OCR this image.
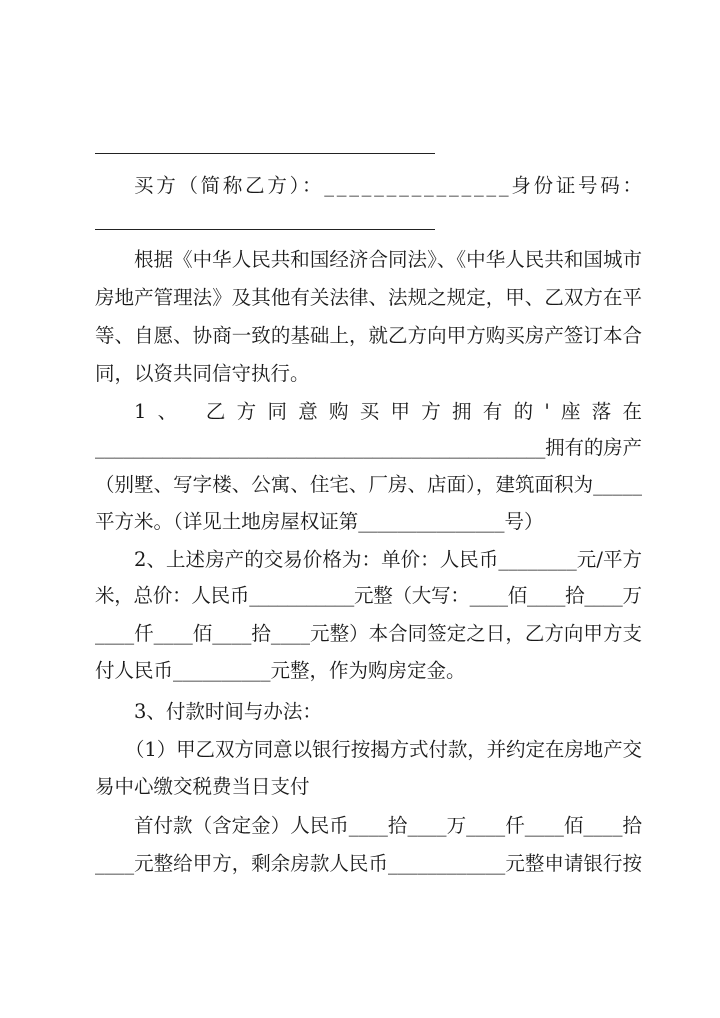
买方（简称乙方）：_______________身份证号码：
根据《中华人民共和国经济合同法》、《中华人民共和国城市
房地产管理法》及其他有关法律、法规之规定，甲、乙双方在平
等、自愿、协商一致的基础上，就乙方向甲方购买房产签订本合
同，以资共同信守执行。
1、 乙方同意购买甲方拥有的'座落在
_______________________________________________拥有的房产
（别墅、写字楼、公寓、住宅、厂房、店面），建筑面积为_____
平方米。（详见土地房屋权证第_______________号）
2、上述房产的交易价格为：单价：人民币________元/平方
米，总价：人民币___________元整（大写：____佰____拾____万
____仟____佰____拾____元整）本合同签定之日，乙方向甲方支
付人民币__________元整，作为购房定金。
3、付款时间与办法：
（1）甲乙双方同意以银行按揭方式付款，并约定在房地产交
易中心缴交税费当日支付
首付款（含定金）人民币____拾____万____仟____佰____拾
____元整给甲方，剩余房款人民币____________元整申请银行按
